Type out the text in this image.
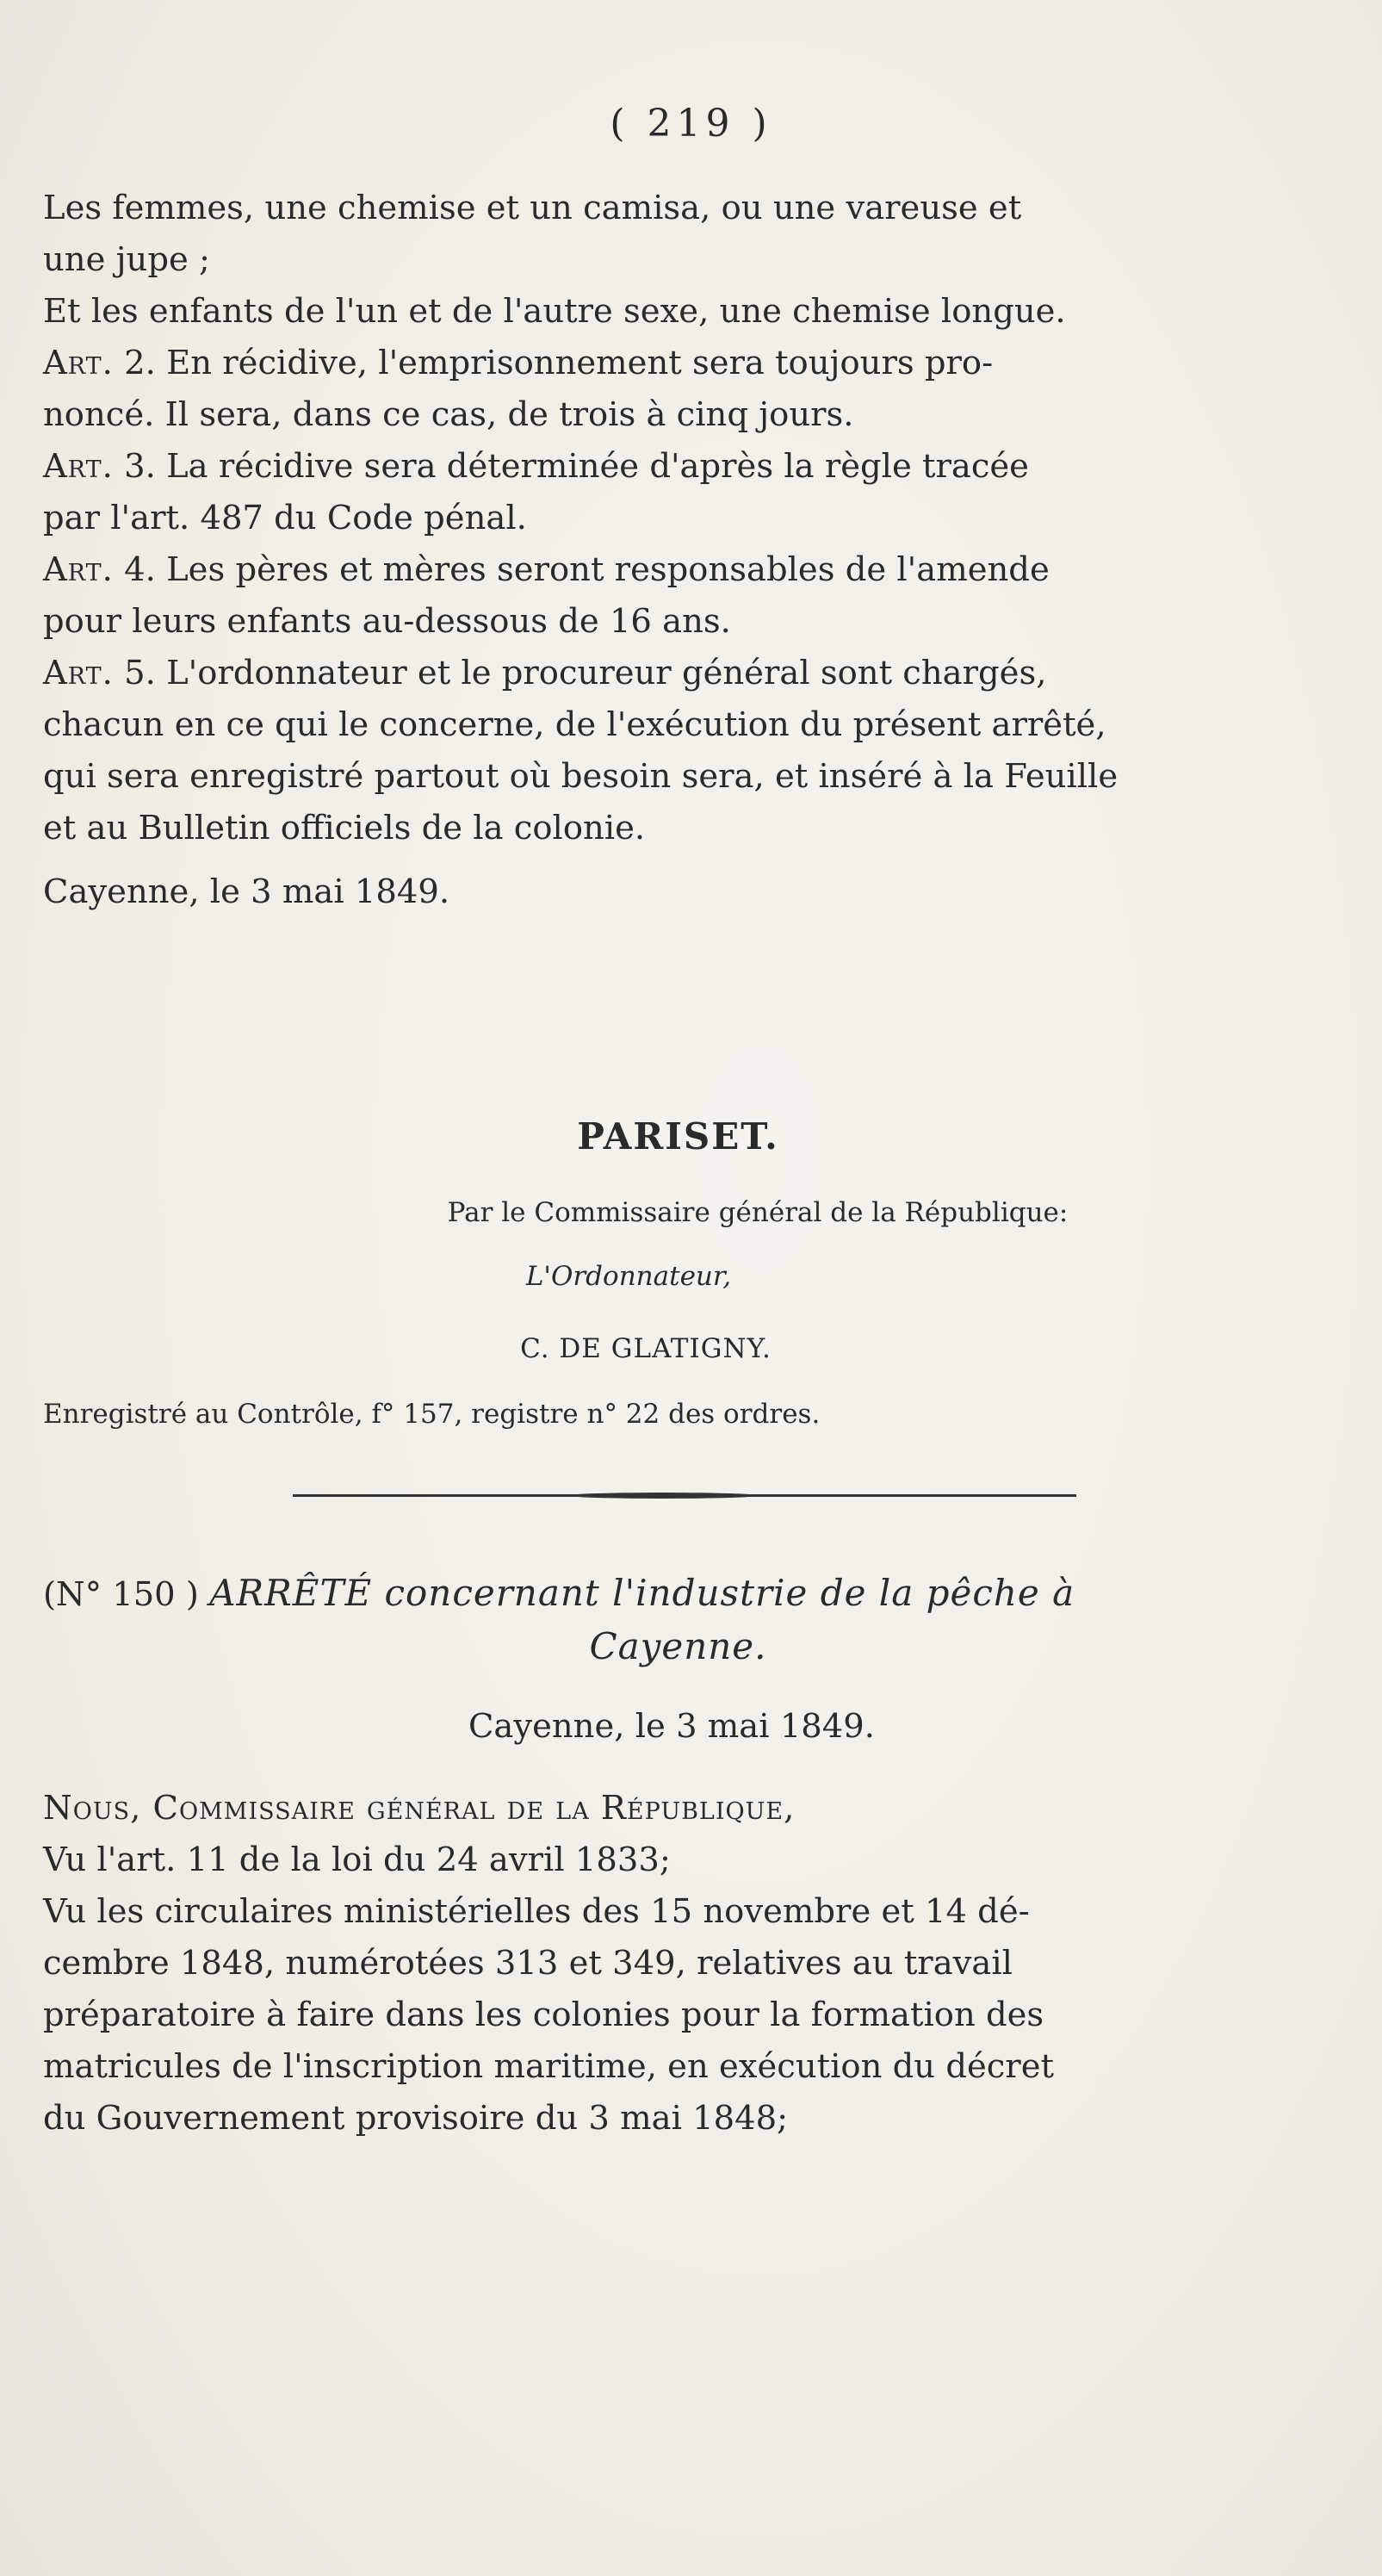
( 219 )

Les femmes, une chemise et un camisa, ou une vareuse et
une jupe ;

Et les enfants de l'un et de l'autre sexe, une chemise longue.

Art. 2. En récidive, l'emprisonnement sera toujours pro-
noncé. Il sera, dans ce cas, de trois à cinq jours.

Art. 3. La récidive sera déterminée d'après la règle tracée
par l'art. 487 du Code pénal.

Art. 4. Les pères et mères seront responsables de l'amende
pour leurs enfants au-dessous de 16 ans.

Art. 5. L'ordonnateur et le procureur général sont chargés,
chacun en ce qui le concerne, de l'exécution du présent arrêté,
qui sera enregistré partout où besoin sera, et inséré à la Feuille
et au Bulletin officiels de la colonie.

Cayenne, le 3 mai 1849.

PARISET.
Par le Commissaire général de la République:
L'Ordonnateur,
C. DE GLATIGNY.
Enregistré au Contrôle, f° 157, registre n° 22 des ordres.
(N° 150 ) ARRÊTÉ concernant l'industrie de la pêche à
Cayenne.
Cayenne, le 3 mai 1849.
Nous, Commissaire général de la République,
Vu l'art. 11 de la loi du 24 avril 1833;
Vu les circulaires ministérielles des 15 novembre et 14 dé-
cembre 1848, numérotées 313 et 349, relatives au travail
préparatoire à faire dans les colonies pour la formation des
matricules de l'inscription maritime, en exécution du décret
du Gouvernement provisoire du 3 mai 1848;
